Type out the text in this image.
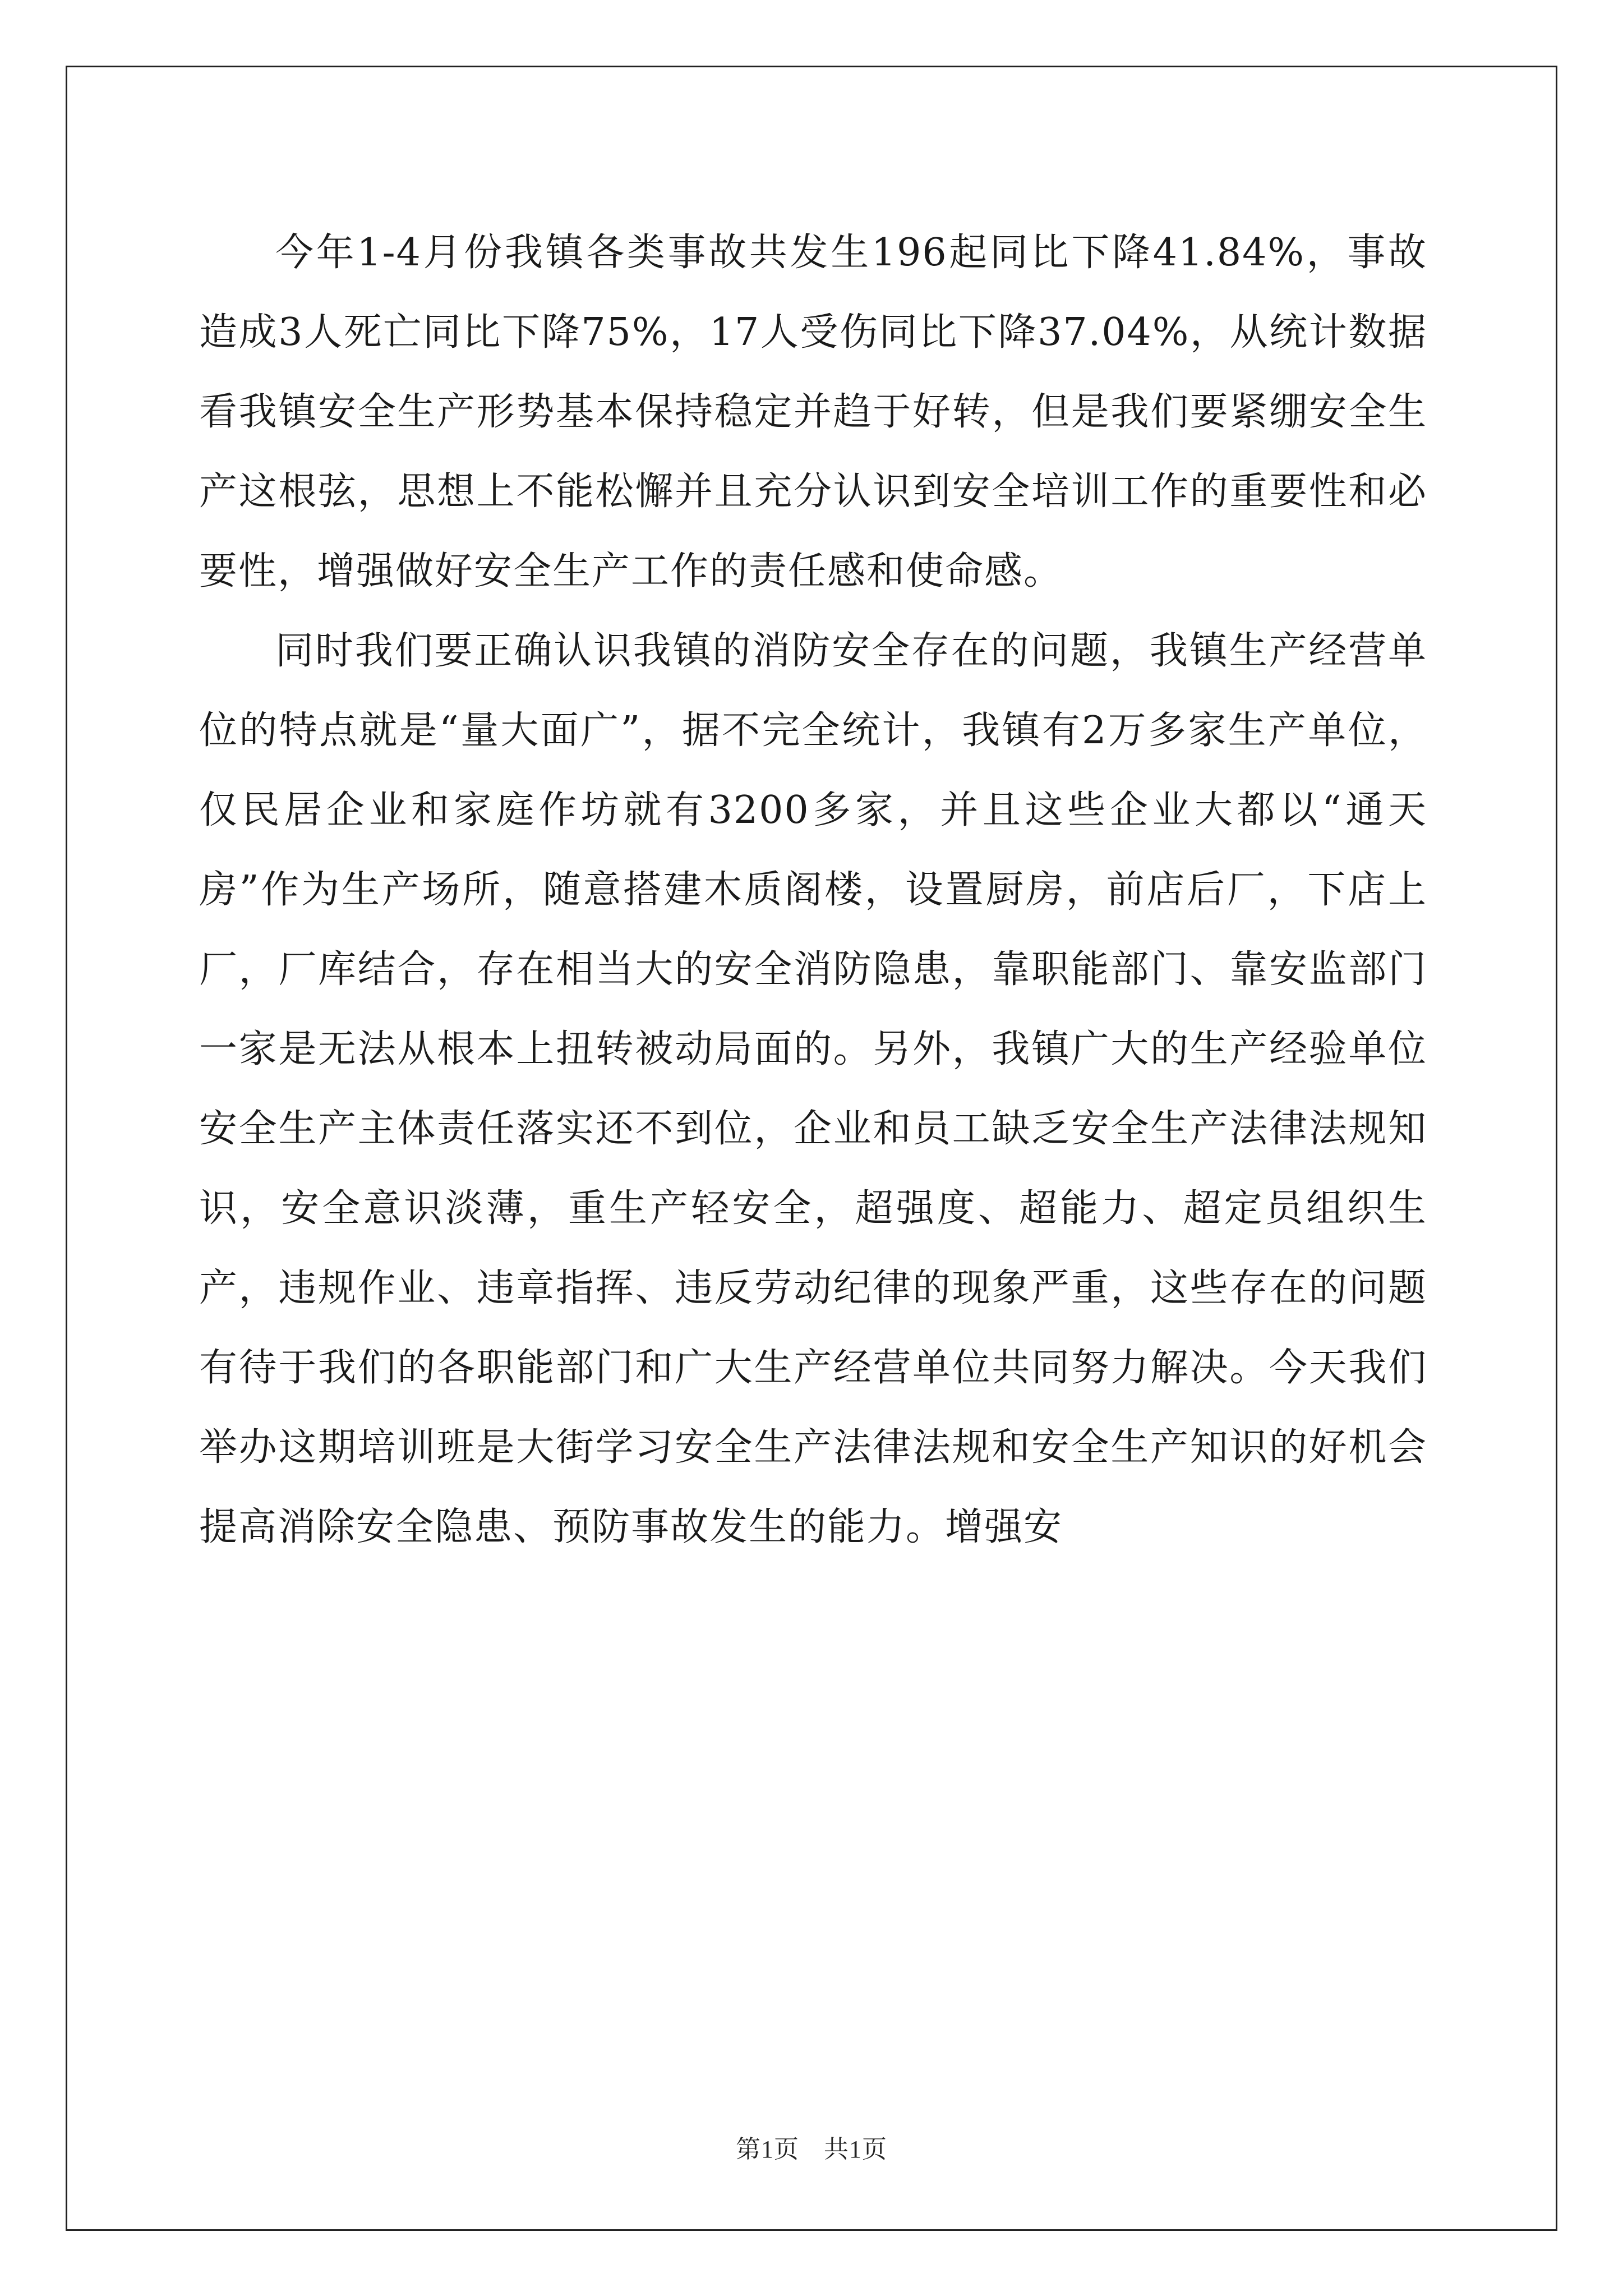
今年1-4月份我镇各类事故共发生196起同比下降41.84%，事故造成3人死亡同比下降75%，17人受伤同比下降37.04%，从统计数据看我镇安全生产形势基本保持稳定并趋于好转，但是我们要紧绷安全生产这根弦，思想上不能松懈并且充分认识到安全培训工作的重要性和必要性，增强做好安全生产工作的责任感和使命感。

同时我们要正确认识我镇的消防安全存在的问题，我镇生产经营单位的特点就是“量大面广”，据不完全统计，我镇有2万多家生产单位，仅民居企业和家庭作坊就有3200多家，并且这些企业大都以“通天房”作为生产场所，随意搭建木质阁楼，设置厨房，前店后厂，下店上厂，厂库结合，存在相当大的安全消防隐患，靠职能部门、靠安监部门一家是无法从根本上扭转被动局面的。另外，我镇广大的生产经验单位安全生产主体责任落实还不到位，企业和员工缺乏安全生产法律法规知识，安全意识淡薄，重生产轻安全，超强度、超能力、超定员组织生产，违规作业、违章指挥、违反劳动纪律的现象严重，这些存在的问题有待于我们的各职能部门和广大生产经营单位共同努力解决。今天我们举办这期培训班是大街学习安全生产法律法规和安全生产知识的好机会提高消除安全隐患、预防事故发生的能力。增强安

第1页 共1页
